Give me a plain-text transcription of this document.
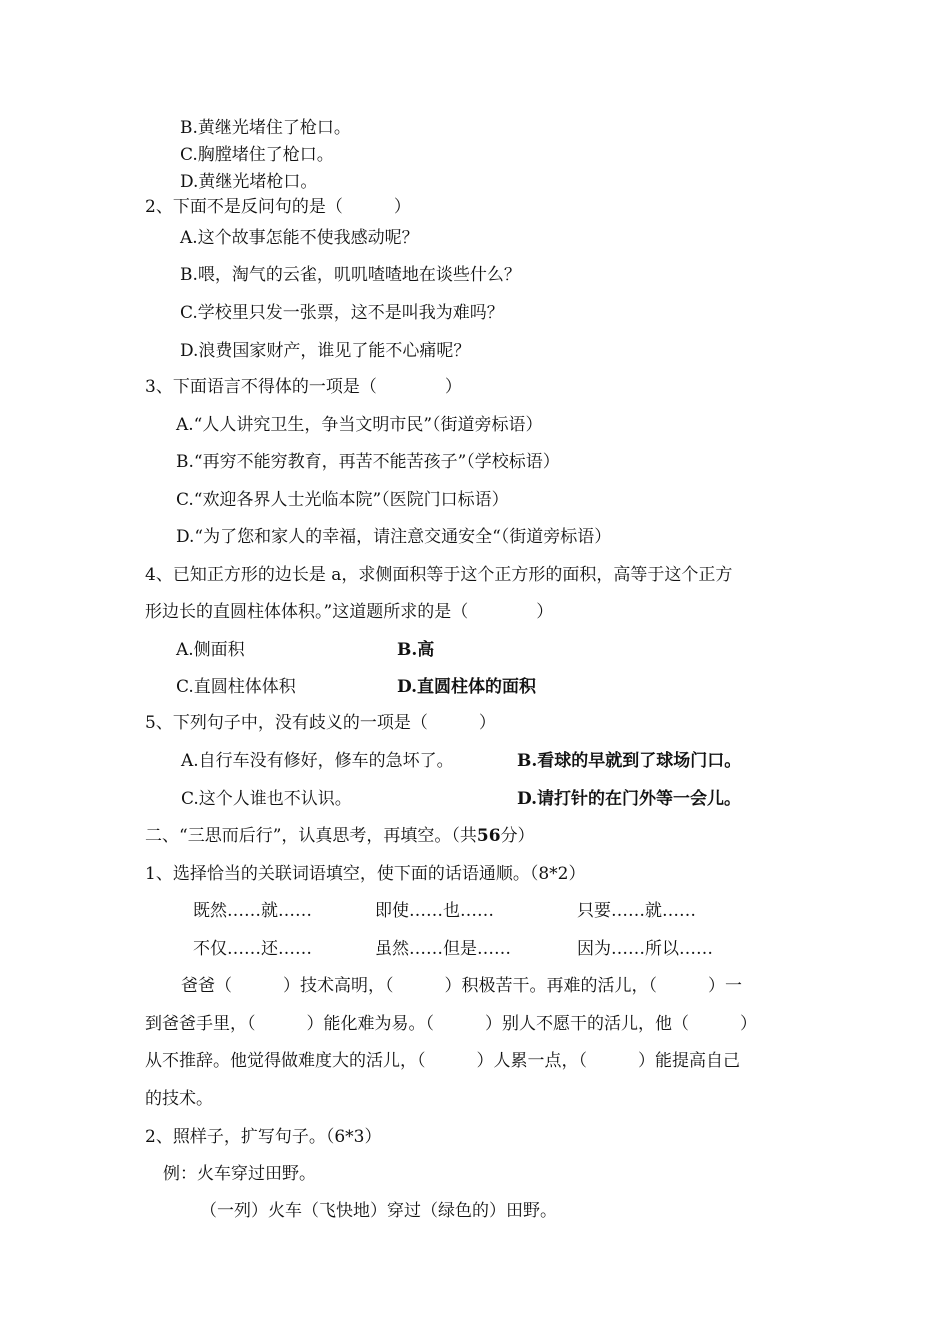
B.黄继光堵住了枪口。
C.胸膛堵住了枪口。
D.黄继光堵枪口。
2、下面不是反问句的是（　　　）
A.这个故事怎能不使我感动呢？
B.喂，淘气的云雀，叽叽喳喳地在谈些什么？
C.学校里只发一张票，这不是叫我为难吗？
D.浪费国家财产，谁见了能不心痛呢？
3、下面语言不得体的一项是（　　　　）
A.“人人讲究卫生，争当文明市民”（街道旁标语）
B.“再穷不能穷教育，再苦不能苦孩子”（学校标语）
C.“欢迎各界人士光临本院”（医院门口标语）
D.“为了您和家人的幸福，请注意交通安全“（街道旁标语）
4、已知正方形的边长是 a，求侧面积等于这个正方形的面积，高等于这个正方
形边长的直圆柱体体积。”这道题所求的是（　　　　）
A.侧面积	B.高
C.直圆柱体体积	D.直圆柱体的面积
5、下列句子中，没有歧义的一项是（　　　）
A.自行车没有修好，修车的急坏了。	B.看球的早就到了球场门口。
C.这个人谁也不认识。	D.请打针的在门外等一会儿。
二、“三思而后行”，认真思考，再填空。（共56分）
1、选择恰当的关联词语填空，使下面的话语通顺。（8*2）
既然……就……	即使……也……	只要……就……
不仅……还……	虽然……但是……	因为……所以……
爸爸（　　　）技术高明，（　　　）积极苦干。再难的活儿，（　　　）一
到爸爸手里，（　　　）能化难为易。（　　　）别人不愿干的活儿，他（　　　）
从不推辞。他觉得做难度大的活儿，（　　　）人累一点，（　　　）能提高自己
的技术。
2、照样子，扩写句子。（6*3）
例：火车穿过田野。
（一列）火车（飞快地）穿过（绿色的）田野。
